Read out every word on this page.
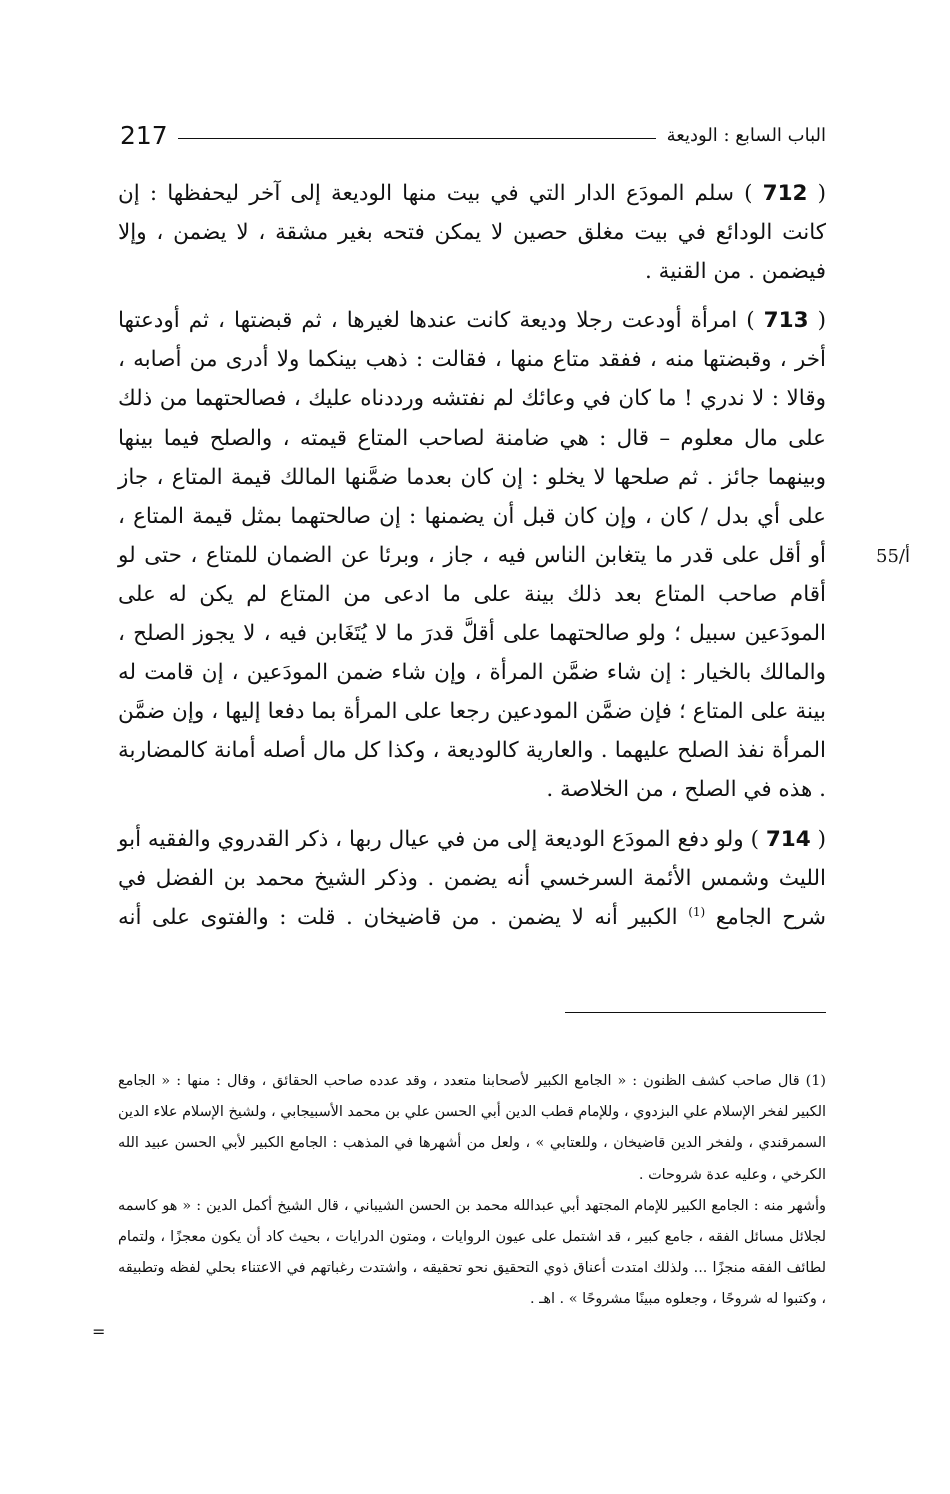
217	الباب السابع : الوديعة
55/أ

( 712 ) سلم المودَع الدار التي في بيت منها الوديعة إلى آخر ليحفظها : إن كانت الودائع في بيت مغلق حصين لا يمكن فتحه بغير مشقة ، لا يضمن ، وإلا فيضمن . من القنية .

( 713 ) امرأة أودعت رجلا وديعة كانت عندها لغيرها ، ثم قبضتها ، ثم أودعتها أخر ، وقبضتها منه ، ففقد متاع منها ، فقالت : ذهب بينكما ولا أدرى من أصابه ، وقالا : لا ندري ! ما كان في وعائك لم نفتشه ورددناه عليك ، فصالحتهما من ذلك على مال معلوم – قال : هي ضامنة لصاحب المتاع قيمته ، والصلح فيما بينها وبينهما جائز . ثم صلحها لا يخلو : إن كان بعدما ضمَّنها المالك قيمة المتاع ، جاز على أي بدل / كان ، وإن كان قبل أن يضمنها : إن صالحتهما بمثل قيمة المتاع ، أو أقل على قدر ما يتغابن الناس فيه ، جاز ، وبرئا عن الضمان للمتاع ، حتى لو أقام صاحب المتاع بعد ذلك بينة على ما ادعى من المتاع لم يكن له على المودَعين سبيل ؛ ولو صالحتهما على أقلَّ قدرَ ما لا يُتَغَابن فيه ، لا يجوز الصلح ، والمالك بالخيار : إن شاء ضمَّن المرأة ، وإن شاء ضمن المودَعين ، إن قامت له بينة على المتاع ؛ فإن ضمَّن المودعين رجعا على المرأة بما دفعا إليها ، وإن ضمَّن المرأة نفذ الصلح عليهما . والعارية كالوديعة ، وكذا كل مال أصله أمانة كالمضاربة . هذه في الصلح ، من الخلاصة .

( 714 ) ولو دفع المودَع الوديعة إلى من في عيال ربها ، ذكر القدروي والفقيه أبو الليث وشمس الأئمة السرخسي أنه يضمن . وذكر الشيخ محمد بن الفضل في شرح الجامع $^{(1)}$ الكبير أنه لا يضمن . من قاضيخان . قلت : والفتوى على أنه

(1) قال صاحب كشف الظنون : « الجامع الكبير لأصحابنا متعدد ، وقد عدده صاحب الحقائق ، وقال : منها : « الجامع الكبير لفخر الإسلام علي البزدوي ، وللإمام قطب الدين أبي الحسن علي بن محمد الأسبيجابي ، ولشيخ الإسلام علاء الدين السمرقندي ، ولفخر الدين قاضيخان ، وللعتابي » ، ولعل من أشهرها في المذهب : الجامع الكبير لأبي الحسن عبيد الله الكرخي ، وعليه عدة شروحات .

وأشهر منه : الجامع الكبير للإمام المجتهد أبي عبدالله محمد بن الحسن الشيباني ، قال الشيخ أكمل الدين : « هو كاسمه لجلائل مسائل الفقه ، جامع كبير ، قد اشتمل على عيون الروايات ، ومتون الدرايات ، بحيث كاد أن يكون معجزًا ، ولتمام لطائف الفقه منجزًا ... ولذلك امتدت أعناق ذوي التحقيق نحو تحقيقه ، واشتدت رغباتهم في الاعتناء بحلي لفظه وتطبيقه ، وكتبوا له شروحًا ، وجعلوه مبينًا مشروحًا » . اهـ .

=
